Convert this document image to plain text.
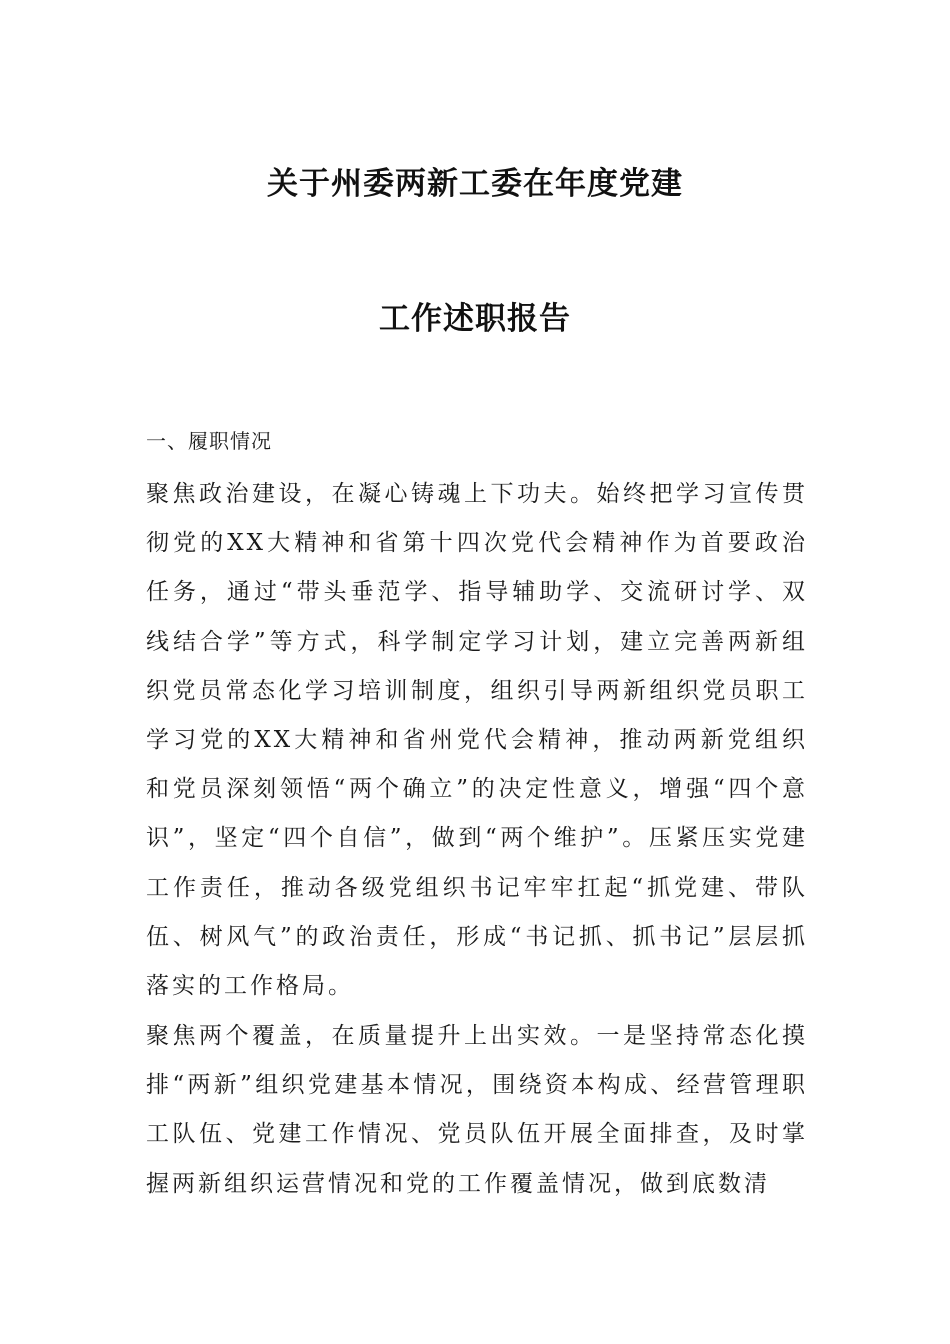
关于州委两新工委在年度党建
工作述职报告
一、履职情况

聚焦政治建设，在凝心铸魂上下功夫。始终把学习宣传贯彻党的XX大精神和省第十四次党代会精神作为首要政治任务，通过“带头垂范学、指导辅助学、交流研讨学、双线结合学”等方式，科学制定学习计划，建立完善两新组织党员常态化学习培训制度，组织引导两新组织党员职工学习党的XX大精神和省州党代会精神，推动两新党组织和党员深刻领悟“两个确立”的决定性意义，增强“四个意识”，坚定“四个自信”，做到“两个维护”。压紧压实党建工作责任，推动各级党组织书记牢牢扛起“抓党建、带队伍、树风气”的政治责任，形成“书记抓、抓书记”层层抓落实的工作格局。

聚焦两个覆盖，在质量提升上出实效。一是坚持常态化摸排“两新”组织党建基本情况，围绕资本构成、经营管理职工队伍、党建工作情况、党员队伍开展全面排查，及时掌握两新组织运营情况和党的工作覆盖情况，做到底数清
